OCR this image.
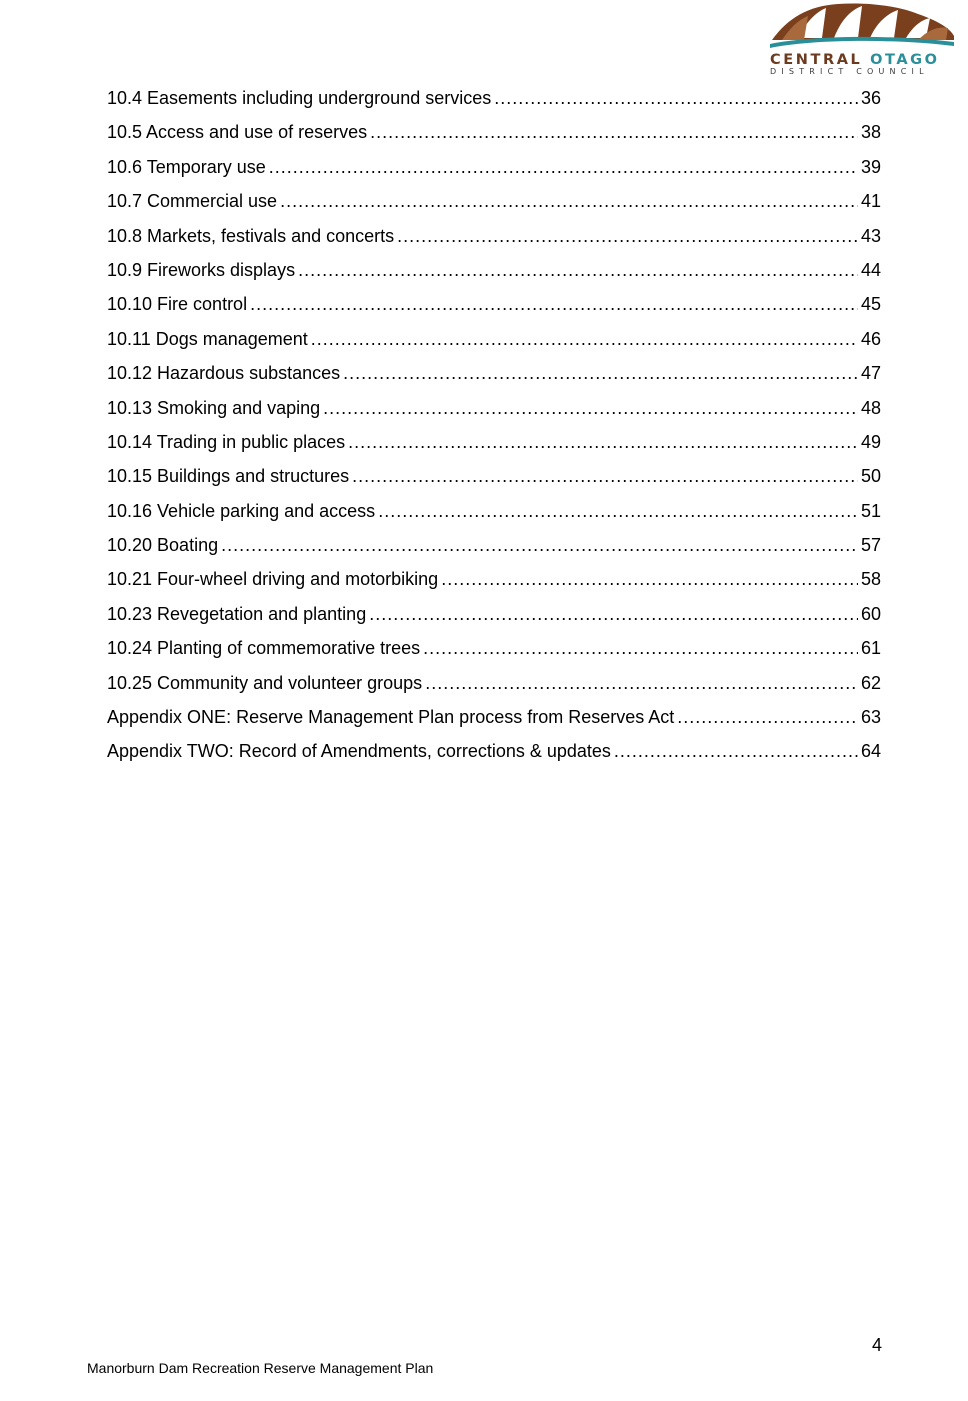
CENTRAL OTAGO
DISTRICT COUNCIL
10.4 Easements including underground services .....	36
10.5 Access and use of reserves .....	38
10.6 Temporary use .....	39
10.7 Commercial use .....	41
10.8 Markets, festivals and concerts .....	43
10.9 Fireworks displays .....	44
10.10 Fire control .....	45
10.11 Dogs management .....	46
10.12 Hazardous substances .....	47
10.13 Smoking and vaping .....	48
10.14 Trading in public places .....	49
10.15 Buildings and structures .....	50
10.16 Vehicle parking and access .....	51
10.20 Boating .....	57
10.21 Four-wheel driving and motorbiking .....	58
10.23 Revegetation and planting .....	60
10.24 Planting of commemorative trees .....	61
10.25 Community and volunteer groups .....	62
Appendix ONE: Reserve Management Plan process from Reserves Act .....	63
Appendix TWO: Record of Amendments, corrections & updates .....	64
4
Manorburn Dam Recreation Reserve Management Plan
